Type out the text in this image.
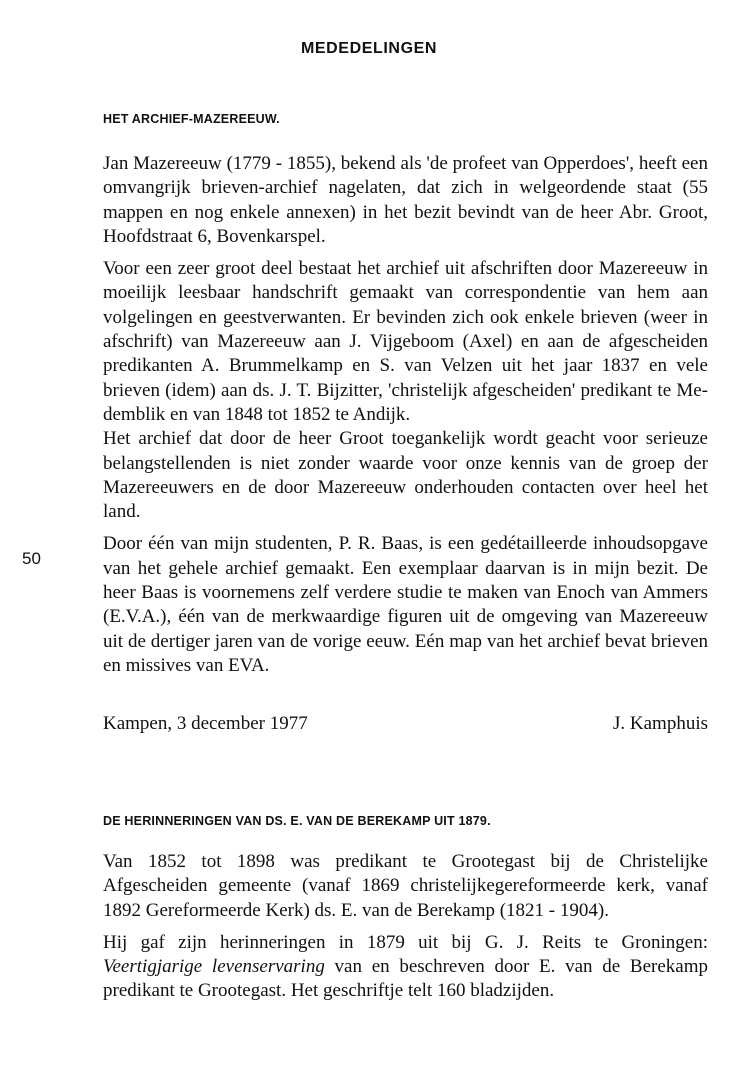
MEDEDELINGEN
HET ARCHIEF-MAZEREEUW.

Jan Mazereeuw (1779 - 1855), bekend als 'de profeet van Opperdoes', heeft een omvangrijk brieven-archief nagelaten, dat zich in welgeordende staat (55 mappen en nog enkele annexen) in het bezit bevindt van de heer Abr. Groot, Hoofdstraat 6, Bovenkarspel.

Voor een zeer groot deel bestaat het archief uit afschriften door Mazereeuw in moeilijk leesbaar handschrift gemaakt van correspondentie van hem aan volgelingen en geestverwanten. Er bevinden zich ook enkele brieven (weer in afschrift) van Mazereeuw aan J. Vijgeboom (Axel) en aan de afgescheiden predikanten A. Brummelkamp en S. van Velzen uit het jaar 1837 en vele brieven (idem) aan ds. J. T. Bijzitter, 'christelijk afgescheiden' predikant te Medemblik en van 1848 tot 1852 te Andijk.

Het archief dat door de heer Groot toegankelijk wordt geacht voor serieuze belangstellenden is niet zonder waarde voor onze kennis van de groep der Mazereeuwers en de door Mazereeuw onderhouden contacten over heel het land.

Door één van mijn studenten, P. R. Baas, is een gedétailleerde inhoudsopgave van het gehele archief gemaakt. Een exemplaar daarvan is in mijn bezit. De heer Baas is voornemens zelf verdere studie te maken van Enoch van Ammers (E.V.A.), één van de merkwaardige figuren uit de omgeving van Mazereeuw uit de dertiger jaren van de vorige eeuw. Eén map van het archief bevat brieven en missives van EVA.

50
Kampen, 3 december 1977	J. Kamphuis
DE HERINNERINGEN VAN DS. E. VAN DE BEREKAMP UIT 1879.

Van 1852 tot 1898 was predikant te Grootegast bij de Christelijke Afgescheiden gemeente (vanaf 1869 christelijkegereformeerde kerk, vanaf 1892 Gereformeerde Kerk) ds. E. van de Berekamp (1821 - 1904).

Hij gaf zijn herinneringen in 1879 uit bij G. J. Reits te Groningen: Veertigjarige levenservaring van en beschreven door E. van de Berekamp predikant te Grootegast. Het geschriftje telt 160 bladzijden.
